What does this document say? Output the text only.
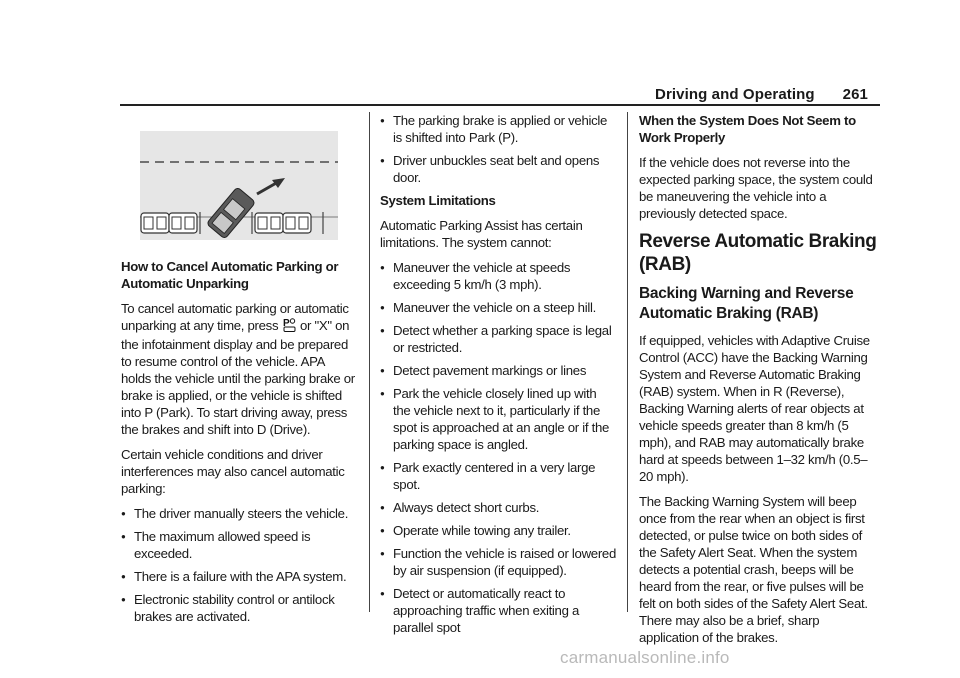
Driving and Operating 261

How to Cancel Automatic Parking or Automatic Unparking

To cancel automatic parking or automatic unparking at any time, press P or "X" on the infotainment display and be prepared to resume control of the vehicle. APA holds the vehicle until the parking brake or brake is applied, or the vehicle is shifted into P (Park). To start driving away, press the brakes and shift into D (Drive).

Certain vehicle conditions and driver interferences may also cancel automatic parking:

● The driver manually steers the vehicle.
● The maximum allowed speed is exceeded.
● There is a failure with the APA system.
● Electronic stability control or antilock brakes are activated.
● The parking brake is applied or vehicle is shifted into Park (P).
● Driver unbuckles seat belt and opens door.

System Limitations

Automatic Parking Assist has certain limitations. The system cannot:

● Maneuver the vehicle at speeds exceeding 5 km/h (3 mph).
● Maneuver the vehicle on a steep hill.
● Detect whether a parking space is legal or restricted.
● Detect pavement markings or lines
● Park the vehicle closely lined up with the vehicle next to it, particularly if the spot is approached at an angle or if the parking space is angled.
● Park exactly centered in a very large spot.
● Always detect short curbs.
● Operate while towing any trailer.
● Function the vehicle is raised or lowered by air suspension (if equipped).
● Detect or automatically react to approaching traffic when exiting a parallel spot

When the System Does Not Seem to Work Properly

If the vehicle does not reverse into the expected parking space, the system could be maneuvering the vehicle into a previously detected space.

Reverse Automatic Braking (RAB)
Backing Warning and Reverse Automatic Braking (RAB)

If equipped, vehicles with Adaptive Cruise Control (ACC) have the Backing Warning System and Reverse Automatic Braking (RAB) system. When in R (Reverse), Backing Warning alerts of rear objects at vehicle speeds greater than 8 km/h (5 mph), and RAB may automatically brake hard at speeds between 1–32 km/h (0.5–20 mph).

The Backing Warning System will beep once from the rear when an object is first detected, or pulse twice on both sides of the Safety Alert Seat. When the system detects a potential crash, beeps will be heard from the rear, or five pulses will be felt on both sides of the Safety Alert Seat. There may also be a brief, sharp application of the brakes.

carmanualsonline.info
